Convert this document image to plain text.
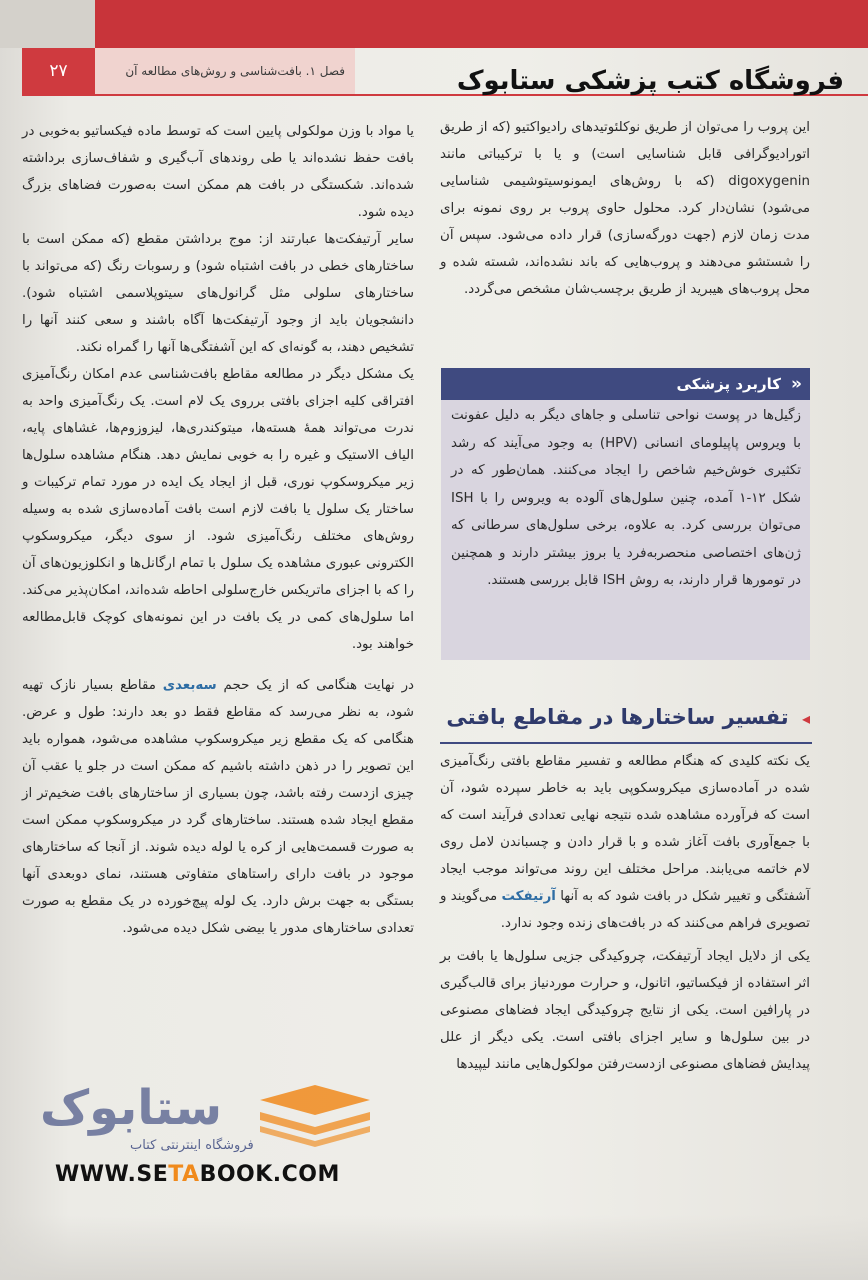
۲۷	فصل ۱. بافت‌شناسی و روش‌های مطالعه آن	فروشگاه کتب پزشکی ستابوک

این پروب را می‌توان از طریق نوکلئوتیدهای رادیواکتیو (که از طریق اتورادیوگرافی قابل شناسایی است) و یا با ترکیباتی مانند digoxygenin (که با روش‌های ایمونوسیتوشیمی شناسایی می‌شود) نشان‌دار کرد. محلول حاوی پروب بر روی نمونه برای مدت زمان لازم (جهت دورگه‌سازی) قرار داده می‌شود. سپس آن را شستشو می‌دهند و پروب‌هایی که باند نشده‌اند، شسته شده و محل پروب‌های هیبرید از طریق برچسب‌شان مشخص می‌گردد.

«
کاربرد پزشکی
زگیل‌ها در پوست نواحی تناسلی و جاهای دیگر به دلیل عفونت با ویروس پاپیلومای انسانی (HPV) به وجود می‌آیند که رشد تکثیری خوش‌خیم شاخص را ایجاد می‌کنند. همان‌طور که در شکل ۱۲-۱ آمده، چنین سلول‌های آلوده به ویروس را با ISH می‌توان بررسی کرد. به علاوه، برخی سلول‌های سرطانی که ژن‌های اختصاصی منحصربه‌فرد یا بروز بیشتر دارند و همچنین در تومورها قرار دارند، به روش ISH قابل بررسی هستند.
◂ تفسیر ساختارها در مقاطع بافتی

یک نکته کلیدی که هنگام مطالعه و تفسیر مقاطع بافتی رنگ‌آمیزی شده در آماده‌سازی میکروسکوپی باید به خاطر سپرده شود، آن است که فرآورده مشاهده شده نتیجه نهایی تعدادی فرآیند است که با جمع‌آوری بافت آغاز شده و با قرار دادن و چسباندن لامل روی لام خاتمه می‌یابند. مراحل مختلف این روند می‌تواند موجب ایجاد آشفتگی و تغییر شکل در بافت شود که به آنها آرتیفکت می‌گویند و تصویری فراهم می‌کنند که در بافت‌های زنده وجود ندارد.

یکی از دلایل ایجاد آرتیفکت، چروکیدگی جزیی سلول‌ها یا بافت بر اثر استفاده از فیکساتیو، اتانول، و حرارت موردنیاز برای قالب‌گیری در پارافین است. یکی از نتایج چروکیدگی ایجاد فضاهای مصنوعی در بین سلول‌ها و سایر اجزای بافتی است. یکی دیگر از علل پیدایش فضاهای مصنوعی ازدست‌رفتن مولکول‌هایی مانند لیپیدها

یا مواد با وزن مولکولی پایین است که توسط ماده فیکساتیو به‌خوبی در بافت حفظ نشده‌اند یا طی روندهای آب‌گیری و شفاف‌سازی برداشته شده‌اند. شکستگی در بافت هم ممکن است به‌صورت فضاهای بزرگ دیده شود.

سایر آرتیفکت‌ها عبارتند از: موج برداشتن مقطع (که ممکن است با ساختارهای خطی در بافت اشتباه شود) و رسوبات رنگ (که می‌تواند با ساختارهای سلولی مثل گرانول‌های سیتوپلاسمی اشتباه شود). دانشجویان باید از وجود آرتیفکت‌ها آگاه باشند و سعی کنند آنها را تشخیص دهند، به گونه‌ای که این آشفتگی‌ها آنها را گمراه نکند.

یک مشکل دیگر در مطالعه مقاطع بافت‌شناسی عدم امکان رنگ‌آمیزی افتراقی کلیه اجزای بافتی برروی یک لام است. یک رنگ‌آمیزی واحد به ندرت می‌تواند همهٔ هسته‌ها، میتوکندری‌ها، لیزوزوم‌ها، غشاهای پایه، الیاف الاستیک و غیره را به خوبی نمایش دهد. هنگام مشاهده سلول‌ها زیر میکروسکوپ نوری، قبل از ایجاد یک ایده در مورد تمام ترکیبات و ساختار یک سلول یا بافت لازم است بافت آماده‌سازی شده به وسیله روش‌های مختلف رنگ‌آمیزی شود. از سوی دیگر، میکروسکوپ الکترونی عبوری مشاهده یک سلول با تمام ارگانل‌ها و انکلوزیون‌های آن را که با اجزای ماتریکس خارج‌سلولی احاطه شده‌اند، امکان‌پذیر می‌کند. اما سلول‌های کمی در یک بافت در این نمونه‌های کوچک قابل‌مطالعه خواهند بود.

در نهایت هنگامی که از یک حجم سه‌بعدی مقاطع بسیار نازک تهیه شود، به نظر می‌رسد که مقاطع فقط دو بعد دارند: طول و عرض. هنگامی که یک مقطع زیر میکروسکوپ مشاهده می‌شود، همواره باید این تصویر را در ذهن داشته باشیم که ممکن است در جلو یا عقب آن چیزی ازدست رفته باشد، چون بسیاری از ساختارهای بافت ضخیم‌تر از مقطع ایجاد شده هستند. ساختارهای گرد در میکروسکوپ ممکن است به صورت قسمت‌هایی از کره یا لوله دیده شوند. از آنجا که ساختارهای موجود در بافت دارای راستاهای متفاوتی هستند، نمای دوبعدی آنها بستگی به جهت برش دارد. یک لوله پیچ‌خورده در یک مقطع به صورت تعدادی ساختارهای مدور یا بیضی شکل دیده می‌شود.

ستابوک
فروشگاه اینترنتی کتاب
WWW.SETABOOK.COM
